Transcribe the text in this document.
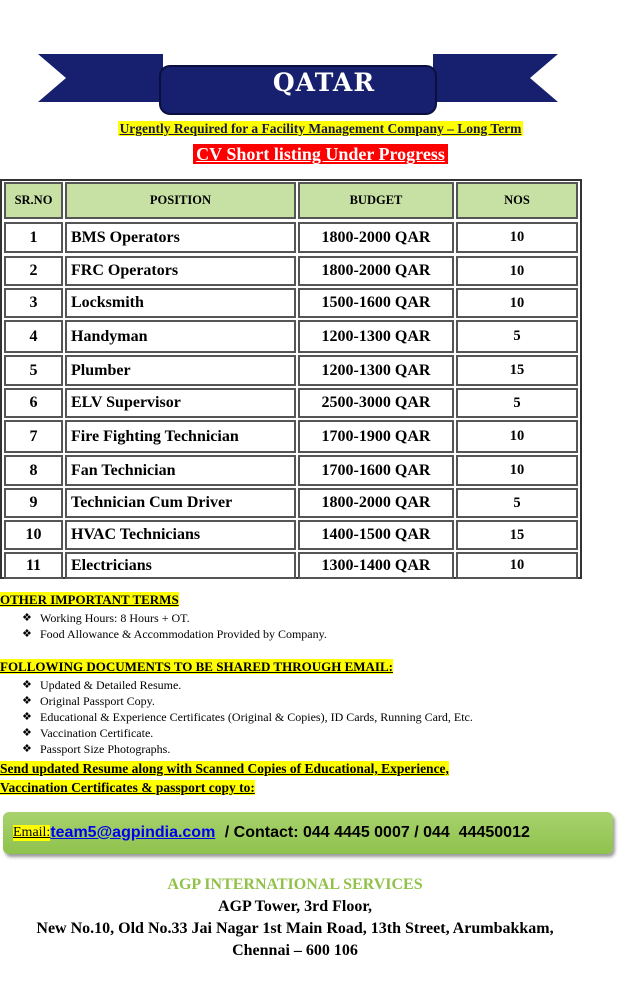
QATAR
Urgently Required for a Facility Management Company – Long Term
CV Short listing Under Progress
SR.NO	POSITION	BUDGET	NOS
1	BMS Operators	1800-2000 QAR	10
2	FRC Operators	1800-2000 QAR	10
3	Locksmith	1500-1600 QAR	10
4	Handyman	1200-1300 QAR	5
5	Plumber	1200-1300 QAR	15
6	ELV Supervisor	2500-3000 QAR	5
7	Fire Fighting Technician	1700-1900 QAR	10
8	Fan Technician	1700-1600 QAR	10
9	Technician Cum Driver	1800-2000 QAR	5
10	HVAC Technicians	1400-1500 QAR	15
11	Electricians	1300-1400 QAR	10
OTHER IMPORTANT TERMS
❖ Working Hours: 8 Hours + OT.
❖ Food Allowance & Accommodation Provided by Company.
FOLLOWING DOCUMENTS TO BE SHARED THROUGH EMAIL:
❖ Updated & Detailed Resume.
❖ Original Passport Copy.
❖ Educational & Experience Certificates (Original & Copies), ID Cards, Running Card, Etc.
❖ Vaccination Certificate.
❖ Passport Size Photographs.
Send updated Resume along with Scanned Copies of Educational, Experience,
Vaccination Certificates & passport copy to:
Email: team5@agpindia.com / Contact: 044 4445 0007 / 044  44450012
AGP INTERNATIONAL SERVICES
AGP Tower, 3rd Floor,
New No.10, Old No.33 Jai Nagar 1st Main Road, 13th Street, Arumbakkam,
Chennai – 600 106
